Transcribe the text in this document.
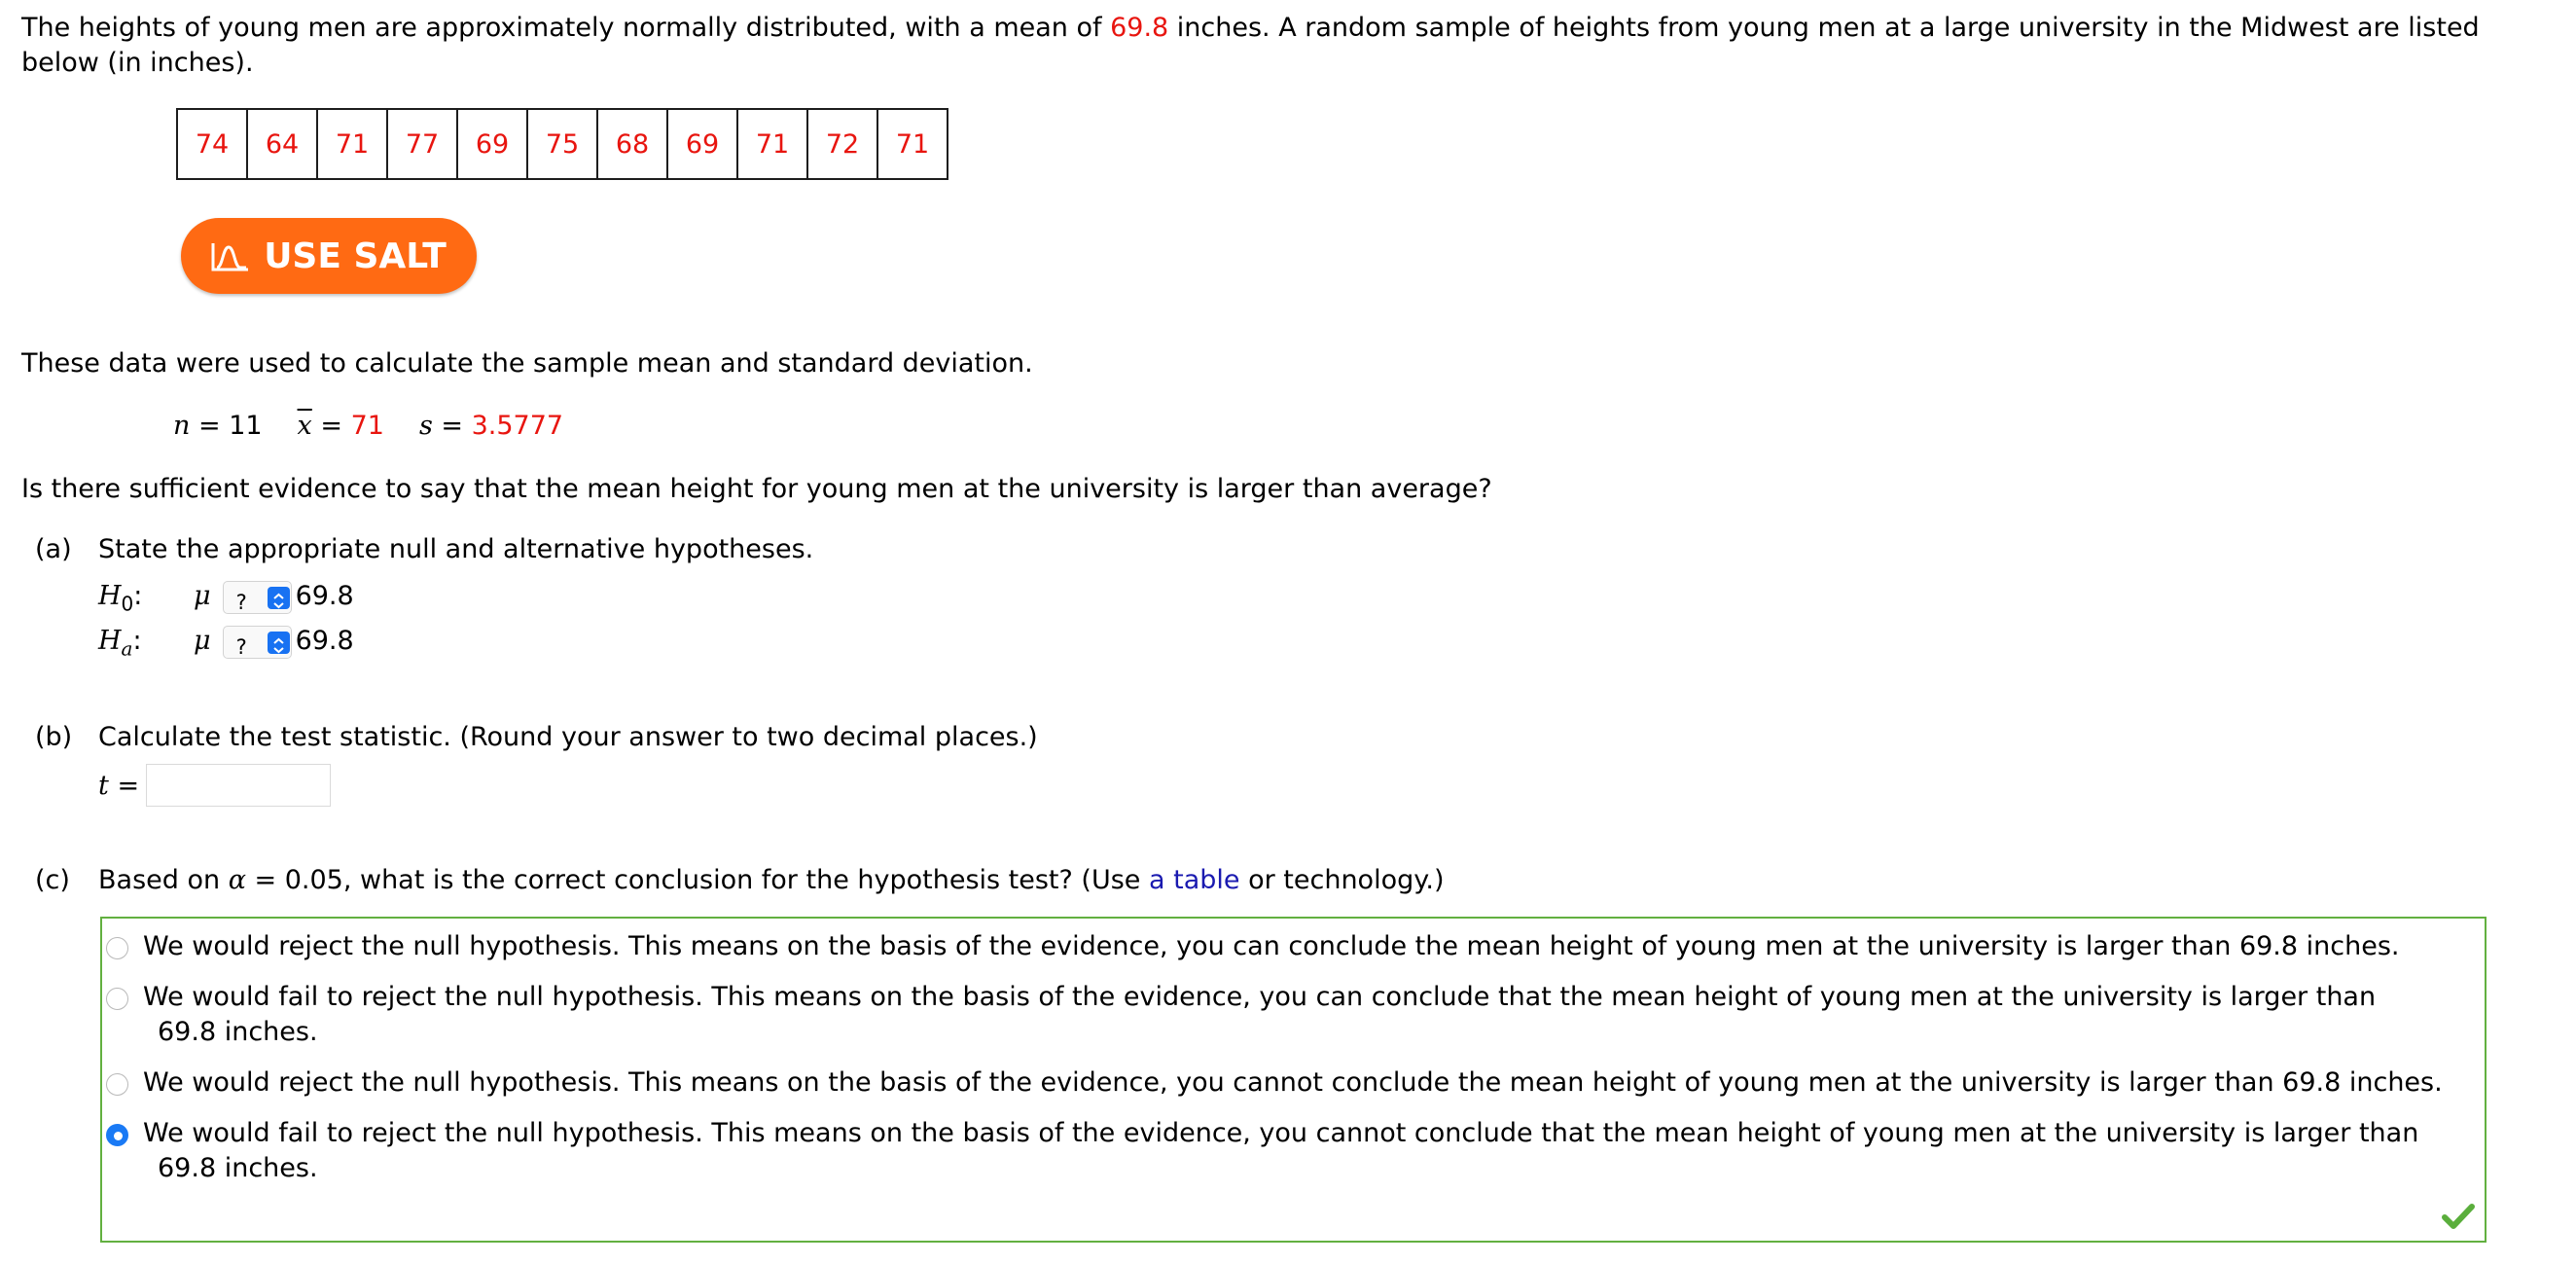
The heights of young men are approximately normally distributed, with a mean of 69.8 inches. A random sample of heights from young men at a large university in the Midwest are listed below (in inches).
74	64	71	77	69	75	68	69	71	72	71
USE SALT
These data were used to calculate the sample mean and standard deviation.
n = 11 $\overline{x} = 71$ s = 3.5777
Is there sufficient evidence to say that the mean height for young men at the university is larger than average?
(a) State the appropriate null and alternative hypotheses.
$H_0$: μ ? 69.8
$H_a$: μ ? 69.8
(b) Calculate the test statistic. (Round your answer to two decimal places.)
t =
(c) Based on α = 0.05, what is the correct conclusion for the hypothesis test? (Use a table or technology.)
We would reject the null hypothesis. This means on the basis of the evidence, you can conclude the mean height of young men at the university is larger than 69.8 inches.
We would fail to reject the null hypothesis. This means on the basis of the evidence, you can conclude that the mean height of young men at the university is larger than
69.8 inches.
We would reject the null hypothesis. This means on the basis of the evidence, you cannot conclude the mean height of young men at the university is larger than 69.8 inches.
We would fail to reject the null hypothesis. This means on the basis of the evidence, you cannot conclude that the mean height of young men at the university is larger than
69.8 inches.
